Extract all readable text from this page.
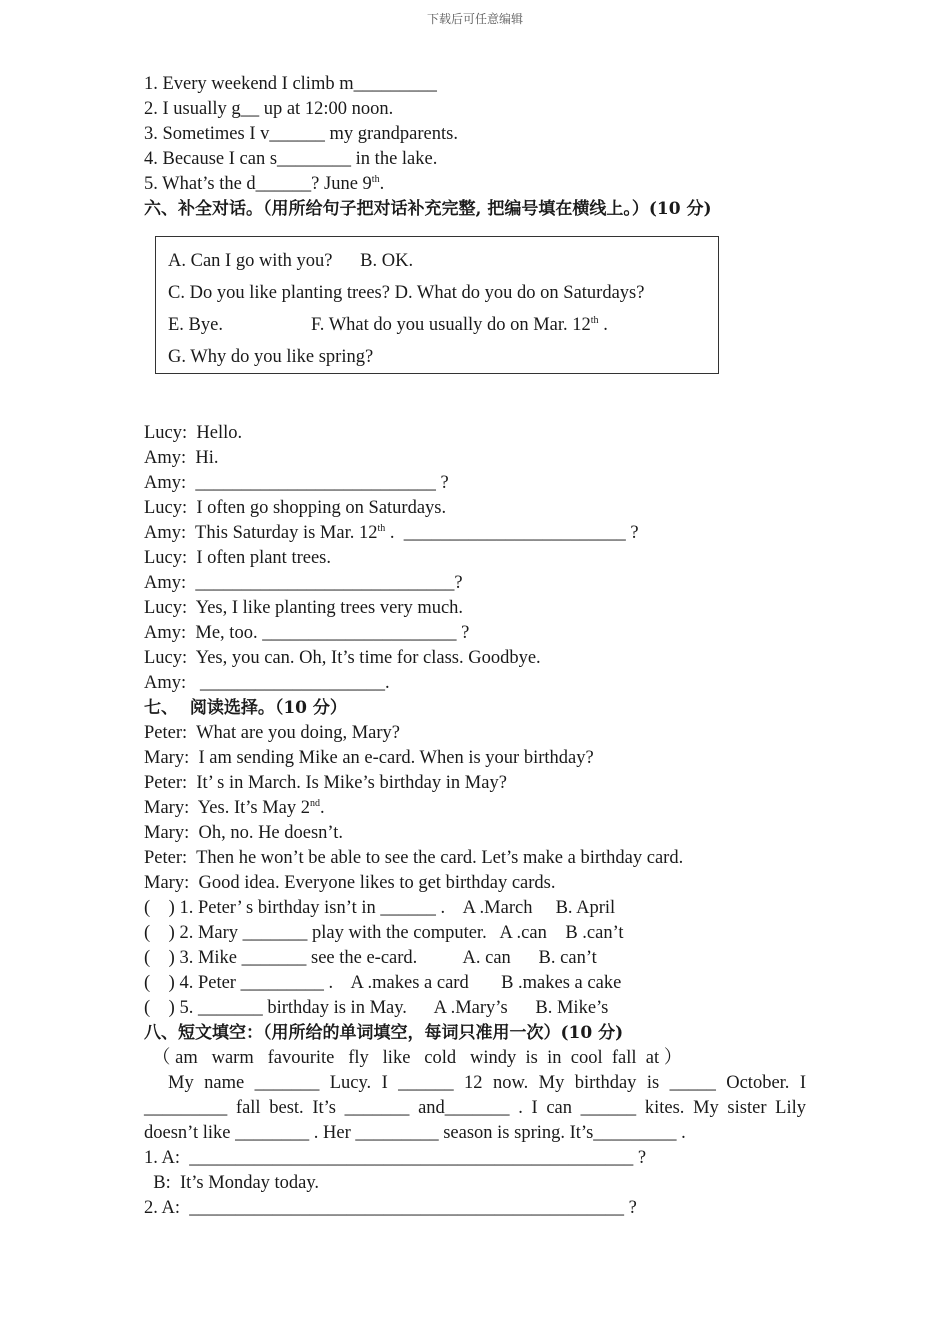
下载后可任意编辑
1. Every weekend I climb m_________
2. I usually g__ up at 12:00 noon.
3. Sometimes I v______ my grandparents.
4. Because I can s________ in the lake.
5. What’s the d______? June 9th.
六、补全对话。（用所给句子把对话补充完整, 把编号填在横线上。）(10 分)
A. Can I go with you?      B. OK.
C. Do you like planting trees? D. What do you do on Saturdays?
E. Bye.	F. What do you usually do on Mar. 12th .
G. Why do you like spring?
Lucy:  Hello.
Amy:  Hi.
Amy:  __________________________ ?
Lucy:  I often go shopping on Saturdays.
Amy:  This Saturday is Mar. 12th .  ________________________ ?
Lucy:  I often plant trees.
Amy:  ____________________________?
Lucy:  Yes, I like planting trees very much.
Amy:  Me, too. _____________________ ?
Lucy:  Yes, you can. Oh, It’s time for class. Goodbye.
Amy:   ____________________.
七、  阅读选择。（10 分）
Peter:  What are you doing, Mary?
Mary:  I am sending Mike an e-card. When is your birthday?
Peter:  It’ s in March. Is Mike’s birthday in May?
Mary:  Yes. It’s May 2nd.
Mary:  Oh, no. He doesn’t.
Peter:  Then he won’t be able to see the card. Let’s make a birthday card.
Mary:  Good idea. Everyone likes to get birthday cards.
(    ) 1. Peter’ s birthday isn’t in ______ .    A .March     B. April
(    ) 2. Mary _______ play with the computer.   A .can    B .can’t
(    ) 3. Mike _______ see the e-card.          A. can      B. can’t
(    ) 4. Peter _________ .    A .makes a card       B .makes a cake
(    ) 5. _______ birthday is in May.      A .Mary’s      B. Mike’s
八、短文填空：（用所给的单词填空，每词只准用一次）(10 分)
（ am   warm   favourite   fly   like   cold   windy  is  in  cool  fall  at ）
My name _______ Lucy. I ______ 12 now. My birthday is _____ October. I
_________ fall best. It’s _______ and_______ . I can ______ kites. My sister Lily
doesn’t like ________ . Her _________ season is spring. It’s_________ .
1. A:  ________________________________________________ ?
B:  It’s Monday today.
2. A:  _______________________________________________ ?
